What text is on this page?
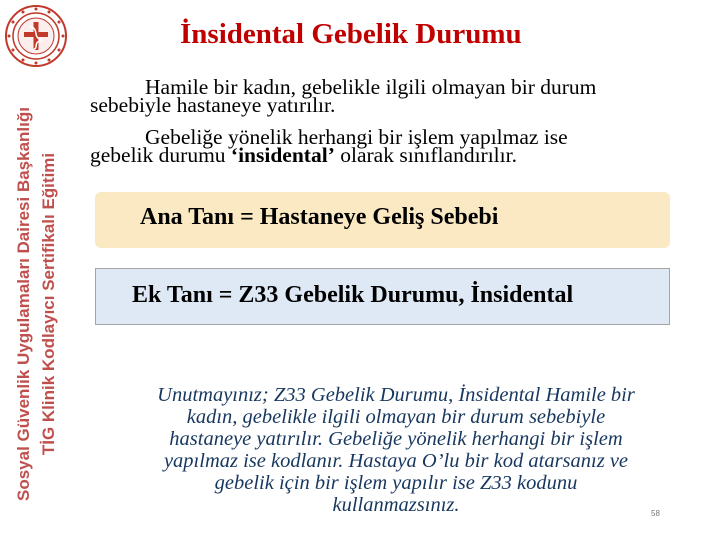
Sosyal Güvenlik Uygulamaları Dairesi Başkanlığı TİG Klinik Kodlayıcı Sertifikalı Eğitimi
İnsidental Gebelik Durumu
Hamile bir kadın, gebelikle ilgili olmayan bir durum
sebebiyle hastaneye yatırılır.
Gebeliğe yönelik herhangi bir işlem yapılmaz ise
gebelik durumu ‘insidental’ olarak sınıflandırılır.
Ana Tanı = Hastaneye Geliş Sebebi
Ek Tanı = Z33 Gebelik Durumu, İnsidental
Unutmayınız; Z33 Gebelik Durumu, İnsidental Hamile bir
kadın, gebelikle ilgili olmayan bir durum sebebiyle
hastaneye yatırılır. Gebeliğe yönelik herhangi bir işlem
yapılmaz ise kodlanır. Hastaya O’lu bir kod atarsanız ve
gebelik için bir işlem yapılır ise Z33 kodunu
kullanmazsınız.	58
